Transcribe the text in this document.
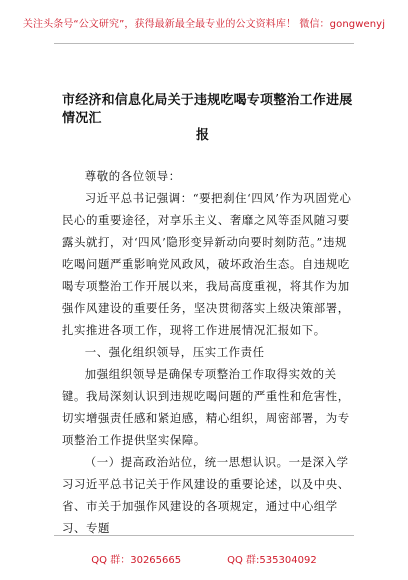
关注头条号“公文研究”，获得最新最全最专业的公文资料库！ 微信：gongwenyj
市经济和信息化局关于违规吃喝专项整治工作进展情况汇
报

尊敬的各位领导：

习近平总书记强调：“要把刹住‘四风’作为巩固党心民心的重要途径，对享乐主义、奢靡之风等歪风随习要露头就打，对‘四风’隐形变异新动向要时刻防范。”违规吃喝问题严重影响党风政风，破坏政治生态。自违规吃喝专项整治工作开展以来，我局高度重视，将其作为加强作风建设的重要任务，坚决贯彻落实上级决策部署，扎实推进各项工作，现将工作进展情况汇报如下。

一、强化组织领导，压实工作责任

加强组织领导是确保专项整治工作取得实效的关键。我局深刻认识到违规吃喝问题的严重性和危害性，切实增强责任感和紧迫感，精心组织，周密部署，为专项整治工作提供坚实保障。

（一）提高政治站位，统一思想认识。一是深入学习习近平总书记关于作风建设的重要论述，以及中央、省、市关于加强作风建设的各项规定，通过中心组学习、专题

QQ 群：30265665	QQ 群:535304092
